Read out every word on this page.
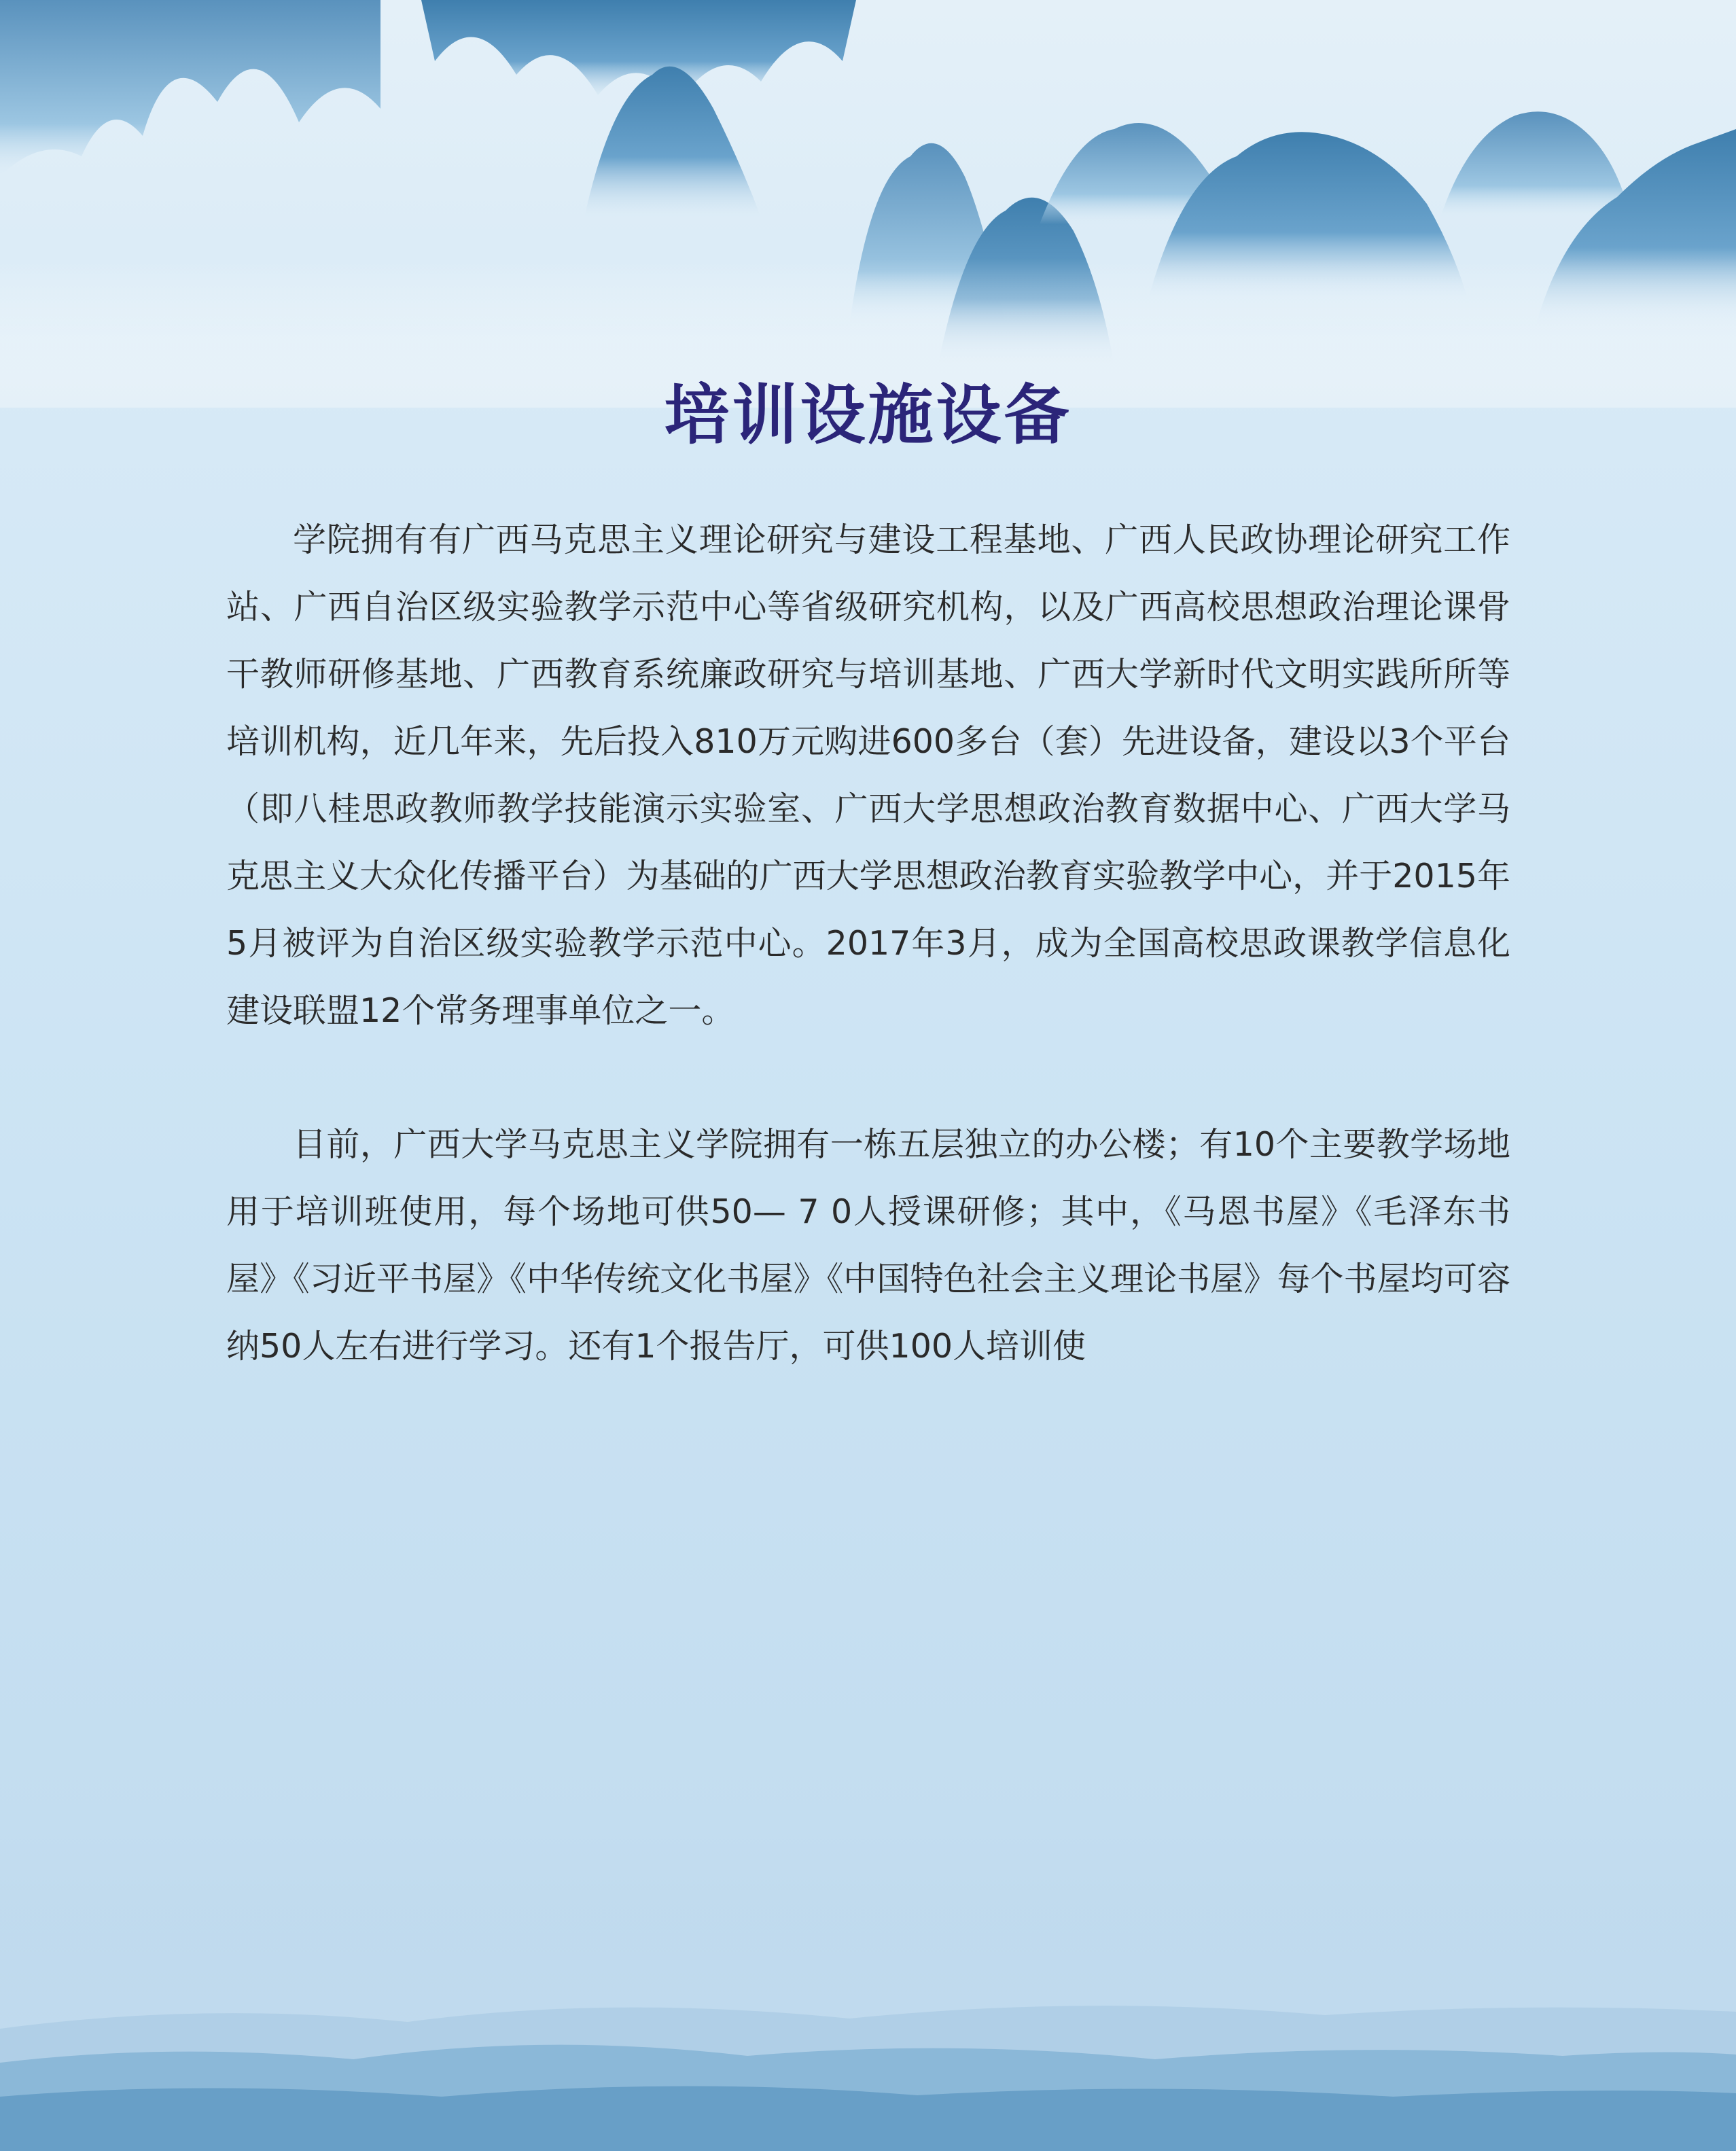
培训设施设备

学院拥有有广西马克思主义理论研究与建设工程基地、广西人民政协理论研究工作站、广西自治区级实验教学示范中心等省级研究机构，以及广西高校思想政治理论课骨干教师研修基地、广西教育系统廉政研究与培训基地、广西大学新时代文明实践所所等培训机构，近几年来，先后投入810万元购进600多台（套）先进设备，建设以3个平台（即八桂思政教师教学技能演示实验室、广西大学思想政治教育数据中心、广西大学马克思主义大众化传播平台）为基础的广西大学思想政治教育实验教学中心，并于2015年5月被评为自治区级实验教学示范中心。2017年3月，成为全国高校思政课教学信息化建设联盟12个常务理事单位之一。

目前，广西大学马克思主义学院拥有一栋五层独立的办公楼；有10个主要教学场地用于培训班使用，每个场地可供50— 7 0人授课研修；其中，《马恩书屋》《毛泽东书屋》《习近平书屋》《中华传统文化书屋》《中国特色社会主义理论书屋》每个书屋均可容纳50人左右进行学习。还有1个报告厅，可供100人培训使
